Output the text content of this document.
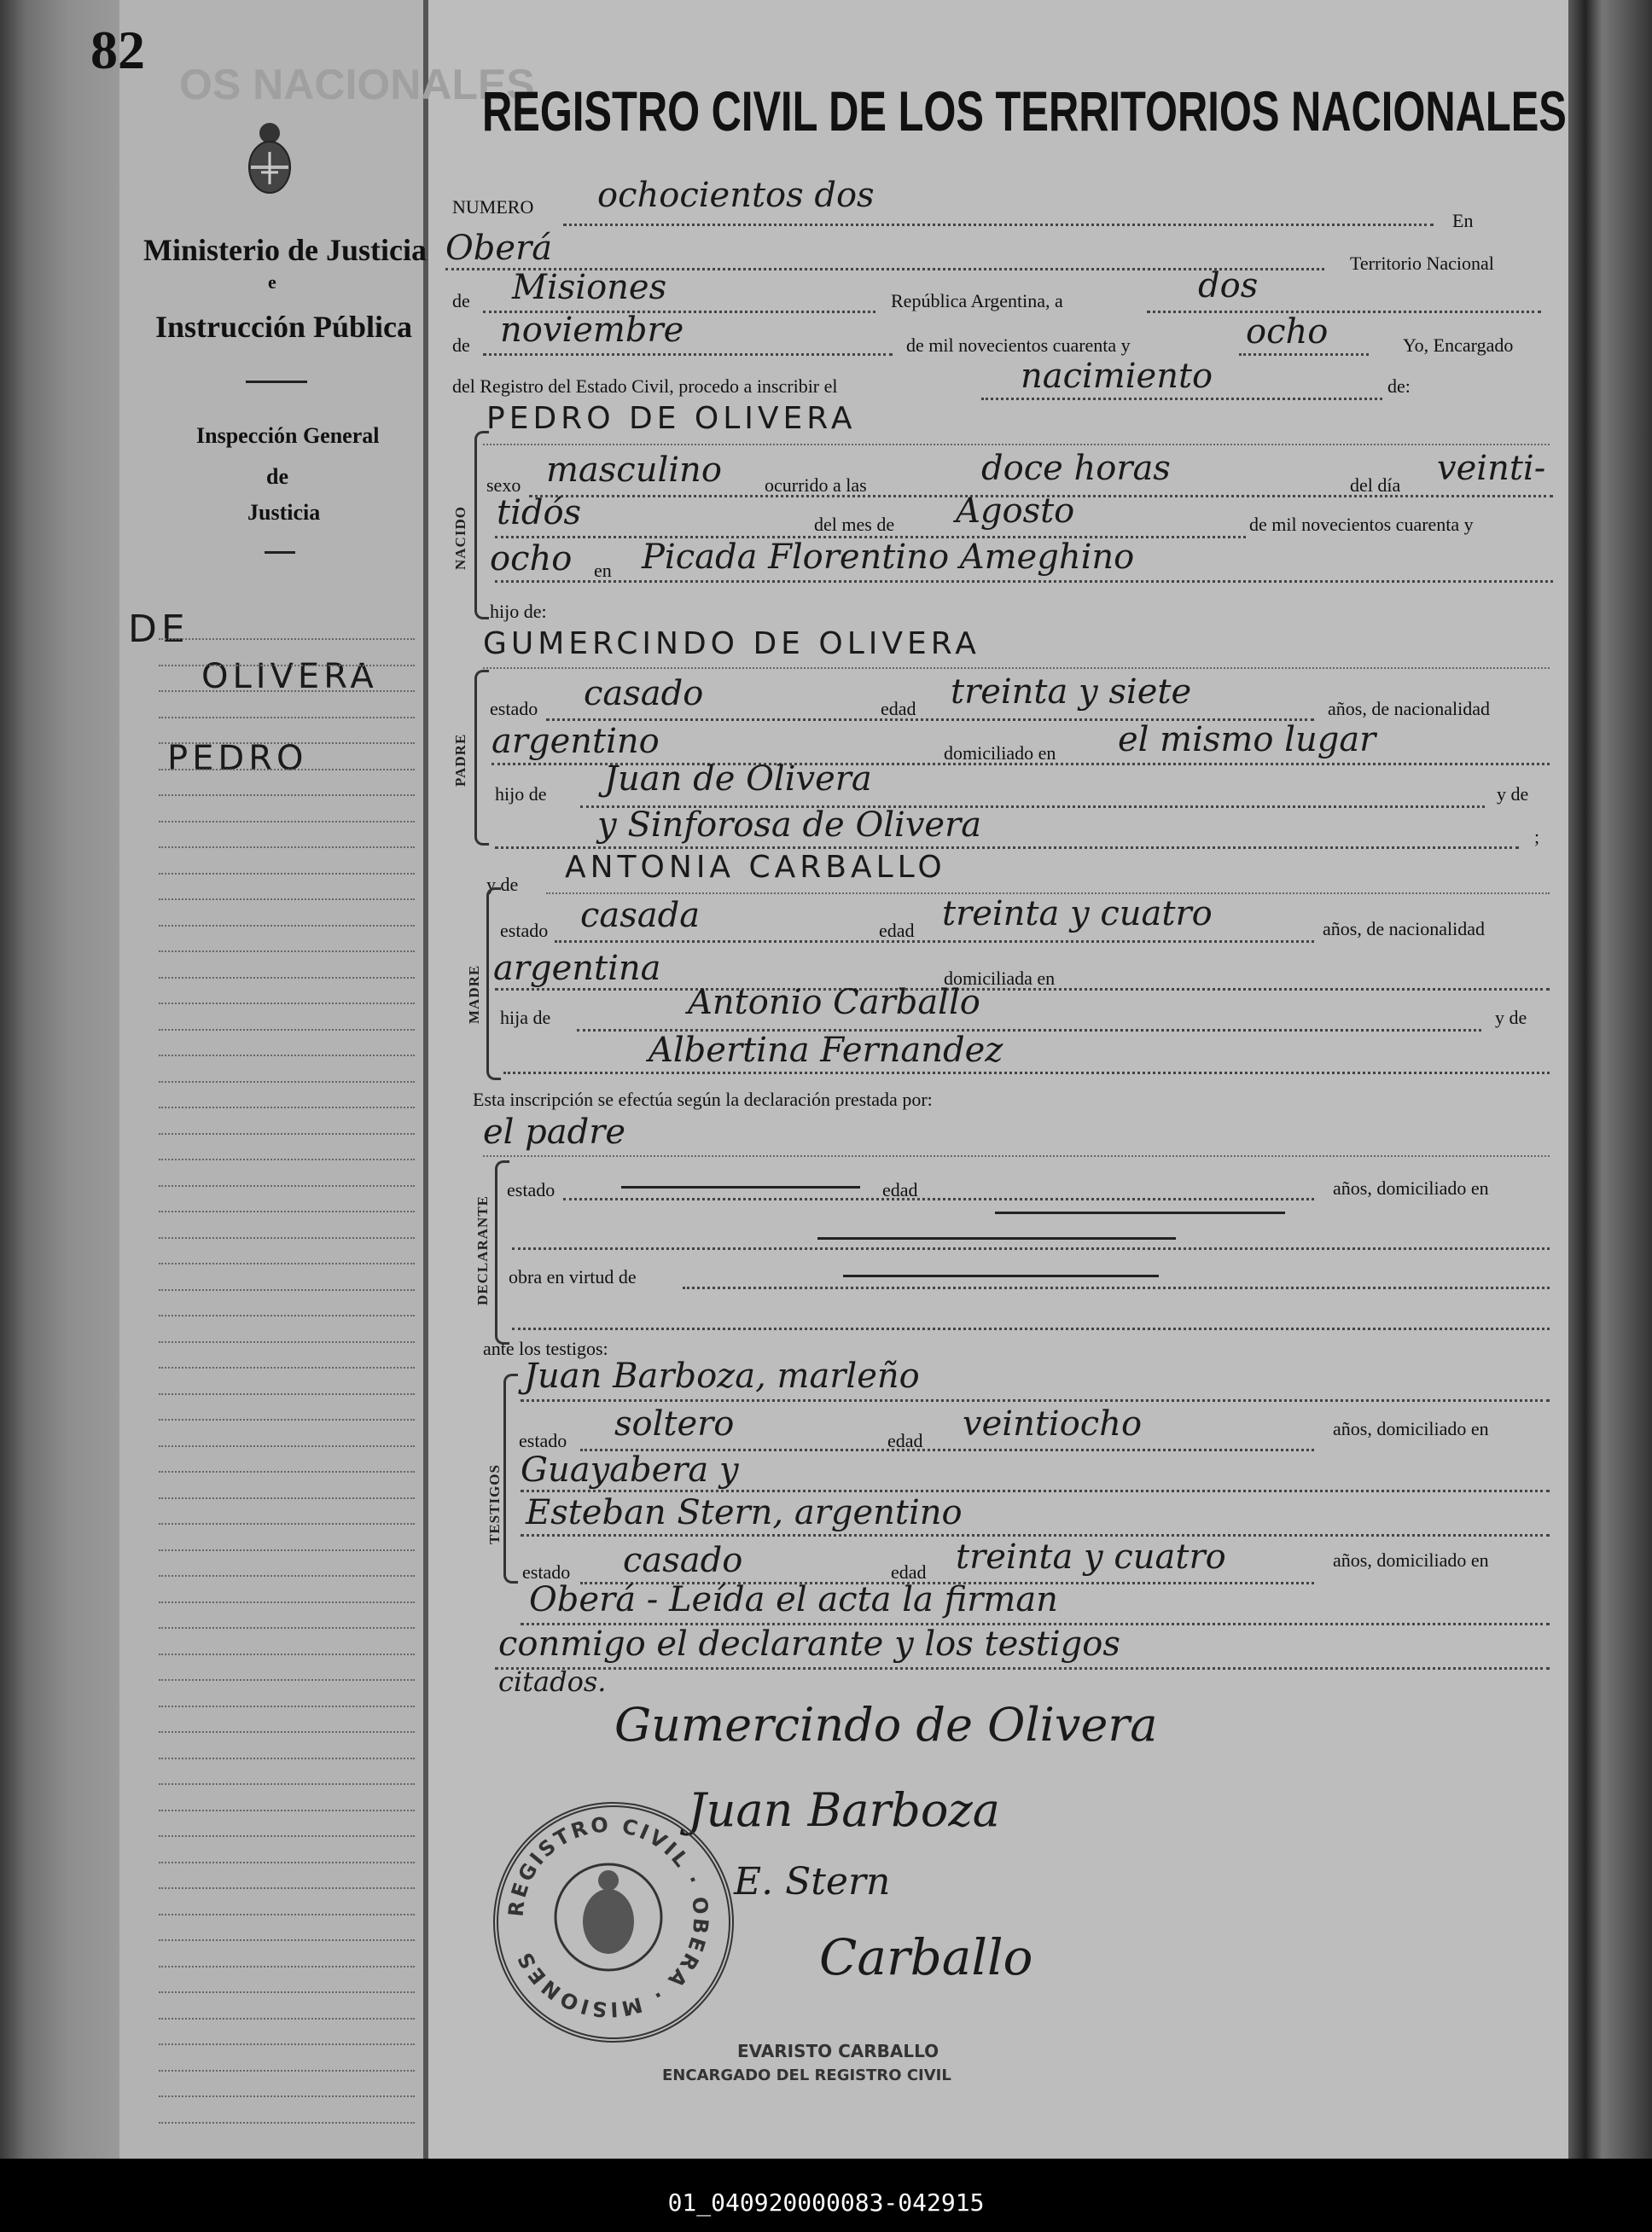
82
OS NACIONALES
REGISTRO CIVIL DE LOS TERRITORIOS NACIONALES
Ministerio de Justicia
e
Instrucción Pública
Inspección General
de
Justicia
DE
OLIVERA
PEDRO
NUMERO ochocientos dos
En
Oberá	Territorio Nacional
de Misiones	República Argentina, a	dos
de noviembre	de mil novecientos cuarenta y	ocho	Yo, Encargado
del Registro del Estado Civil, procedo a inscribir el	nacimiento	de:
PEDRO DE OLIVERA
NACIDO
sexo masculino ocurrido a las	doce horas	del día veinti-
tidós	del mes de Agosto	de mil novecientos cuarenta y
ocho en Picada Florentino Ameghino
hijo de:
GUMERCINDO DE OLIVERA
PADRE
estado casado	edad treinta y siete	años, de nacionalidad
argentino	domiciliado en el mismo lugar
hijo de Juan de Olivera	y de
y Sinforosa de Olivera	;
y de ANTONIA CARBALLO
MADRE
estado casada	edad treinta y cuatro	años, de nacionalidad
argentina	domiciliada en
hija de	Antonio Carballo	y de
Albertina Fernandez
Esta inscripción se efectúa según la declaración prestada por:
el padre
DECLARANTE
estado	edad	años, domiciliado en
obra en virtud de
ante los testigos:
TESTIGOS
Juan Barboza, marleño
estado soltero	edad veintiocho	años, domiciliado en
Guayabera y
Esteban Stern, argentino
estado casado	edad treinta y cuatro	años, domiciliado en
Oberá - Leída el acta la firman
conmigo el declarante y los testigos
citados.
Gumercindo de Olivera
Juan Barboza
E. Stern
Carballo
REGISTRO CIVIL · OBERA · MISIONES
EVARISTO CARBALLO
ENCARGADO DEL REGISTRO CIVIL
01_040920000083-042915
